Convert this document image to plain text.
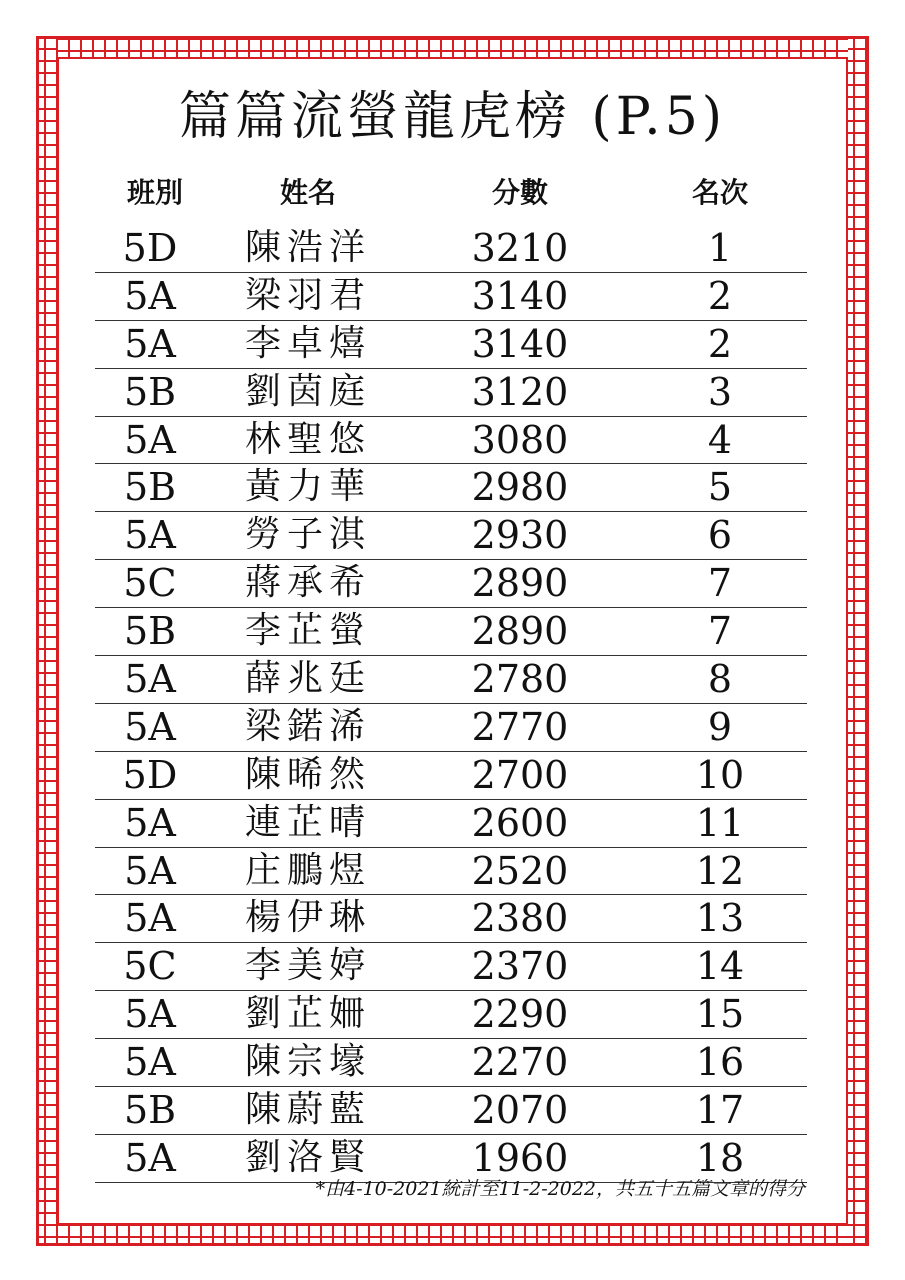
篇篇流螢龍虎榜 (P.5)
班別	姓名	分數	名次
5D	陳浩洋	3210	1
5A	梁羽君	3140	2
5A	李卓熺	3140	2
5B	劉茵庭	3120	3
5A	林聖悠	3080	4
5B	黃力華	2980	5
5A	勞子淇	2930	6
5C	蔣承希	2890	7
5B	李芷螢	2890	7
5A	薛兆廷	2780	8
5A	梁鍩浠	2770	9
5D	陳晞然	2700	10
5A	連芷晴	2600	11
5A	庄鵬煜	2520	12
5A	楊伊琳	2380	13
5C	李美婷	2370	14
5A	劉芷姍	2290	15
5A	陳宗壕	2270	16
5B	陳蔚藍	2070	17
5A	劉洛賢	1960	18
*由4-10-2021統計至11-2-2022，共五十五篇文章的得分
